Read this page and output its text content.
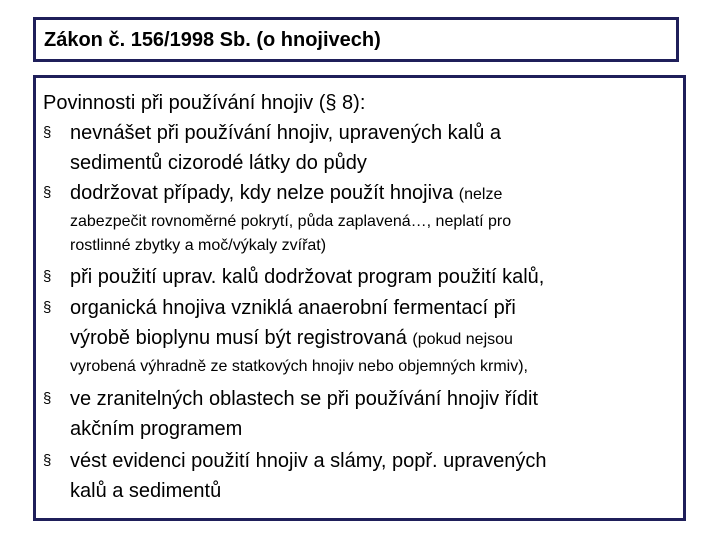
Zákon č. 156/1998 Sb. (o hnojivech)
Povinnosti při používání hnojiv (§ 8):
§ nevnášet při používání hnojiv, upravených kalů a
sedimentů cizorodé látky do půdy
§ dodržovat případy, kdy nelze použít hnojiva (nelze
zabezpečit rovnoměrné pokrytí, půda zaplavená…, neplatí pro
rostlinné zbytky a moč/výkaly zvířat)
§ při použití uprav. kalů dodržovat program použití kalů,
§ organická hnojiva vzniklá anaerobní fermentací při
výrobě bioplynu musí být registrovaná (pokud nejsou
vyrobená výhradně ze statkových hnojiv nebo objemných krmiv),
§ ve zranitelných oblastech se při používání hnojiv řídit
akčním programem
§ vést evidenci použití hnojiv a slámy, popř. upravených
kalů a sedimentů
